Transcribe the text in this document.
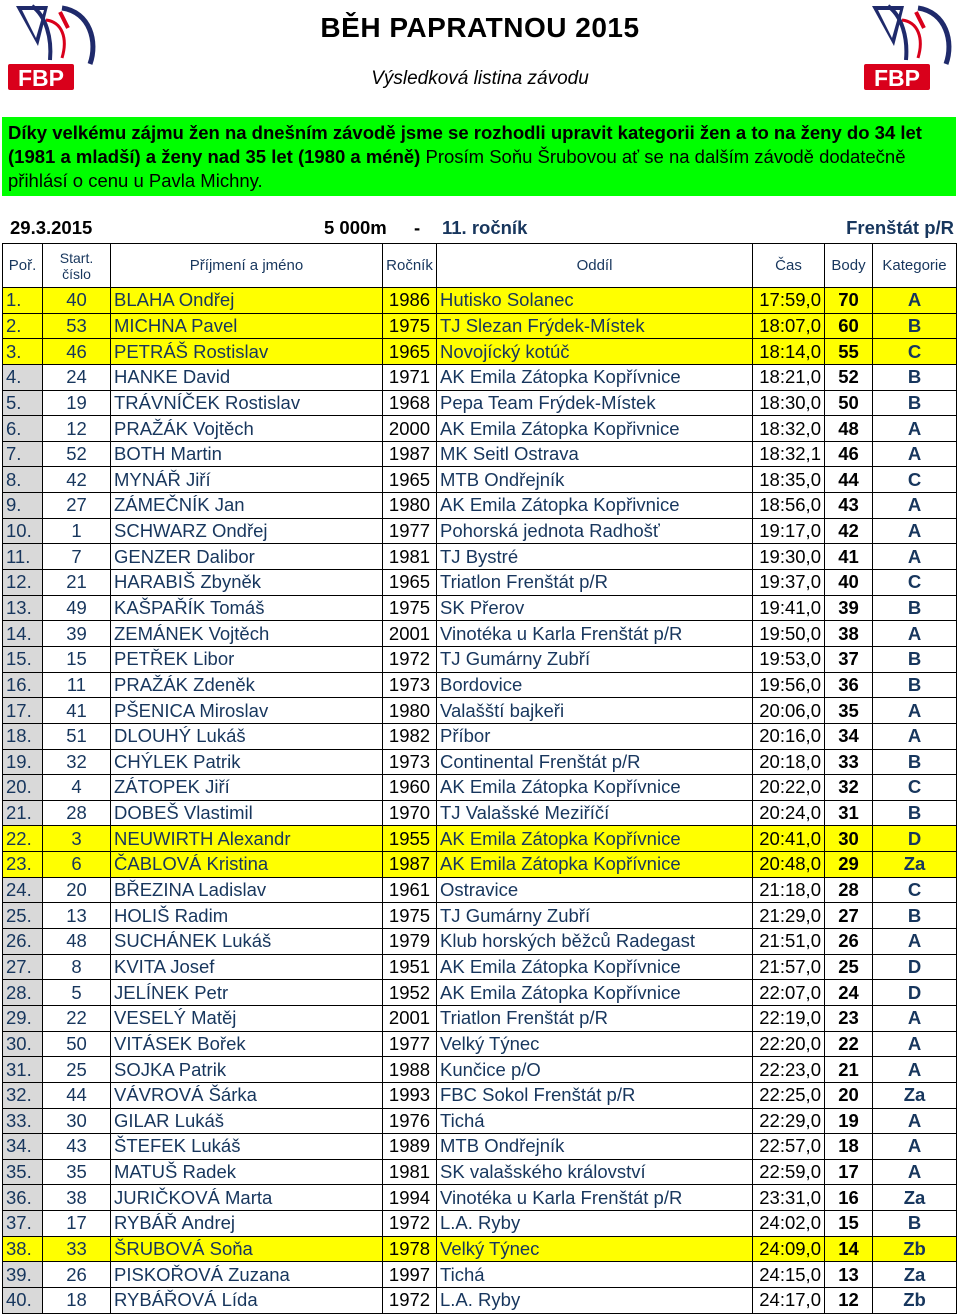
FBP	FBP
BĚH PAPRATNOU 2015
Výsledková listina závodu
Díky velkému zájmu žen na dnešním závodě jsme se rozhodli upravit kategorii žen a to na ženy do 34 let (1981 a mladší) a ženy nad 35 let (1980 a méně) Prosím Soňu Šrubovou ať se na dalším závodě dodatečně přihlásí o cenu u Pavla Michny.
29.3.2015	5 000m - 11. ročník	Frenštát p/R
Poř.	Start. číslo	Příjmení a jméno	Ročník	Oddíl	Čas	Body	Kategorie
1.	40	BLAHA Ondřej	1986	Hutisko Solanec	17:59,0	70	A
2.	53	MICHNA Pavel	1975	TJ Slezan Frýdek-Místek	18:07,0	60	B
3.	46	PETRÁŠ Rostislav	1965	Novojícký kotúč	18:14,0	55	C
4.	24	HANKE David	1971	AK Emila Zátopka Kopřívnice	18:21,0	52	B
5.	19	TRÁVNÍČEK Rostislav	1968	Pepa Team Frýdek-Místek	18:30,0	50	B
6.	12	PRAŽÁK Vojtěch	2000	AK Emila Zátopka Kopřivnice	18:32,0	48	A
7.	52	BOTH Martin	1987	MK Seitl Ostrava	18:32,1	46	A
8.	42	MYNÁŘ Jiří	1965	MTB Ondřejník	18:35,0	44	C
9.	27	ZÁMEČNÍK Jan	1980	AK Emila Zátopka Kopřivnice	18:56,0	43	A
10.	1	SCHWARZ Ondřej	1977	Pohorská jednota Radhošť	19:17,0	42	A
11.	7	GENZER Dalibor	1981	TJ Bystré	19:30,0	41	A
12.	21	HARABIŠ Zbyněk	1965	Triatlon Frenštát p/R	19:37,0	40	C
13.	49	KAŠPAŘÍK Tomáš	1975	SK Přerov	19:41,0	39	B
14.	39	ZEMÁNEK Vojtěch	2001	Vinotéka u Karla Frenštát p/R	19:50,0	38	A
15.	15	PETŘEK Libor	1972	TJ Gumárny Zubří	19:53,0	37	B
16.	11	PRAŽÁK Zdeněk	1973	Bordovice	19:56,0	36	B
17.	41	PŠENICA Miroslav	1980	Valašští bajkeři	20:06,0	35	A
18.	51	DLOUHÝ Lukáš	1982	Příbor	20:16,0	34	A
19.	32	CHÝLEK Patrik	1973	Continental Frenštát p/R	20:18,0	33	B
20.	4	ZÁTOPEK Jiří	1960	AK Emila Zátopka Kopřívnice	20:22,0	32	C
21.	28	DOBEŠ Vlastimil	1970	TJ Valašské Meziříčí	20:24,0	31	B
22.	3	NEUWIRTH Alexandr	1955	AK Emila Zátopka Kopřívnice	20:41,0	30	D
23.	6	ČABLOVÁ Kristina	1987	AK Emila Zátopka Kopřívnice	20:48,0	29	Za
24.	20	BŘEZINA Ladislav	1961	Ostravice	21:18,0	28	C
25.	13	HOLIŠ Radim	1975	TJ Gumárny Zubří	21:29,0	27	B
26.	48	SUCHÁNEK Lukáš	1979	Klub horských běžců Radegast	21:51,0	26	A
27.	8	KVITA Josef	1951	AK Emila Zátopka Kopřívnice	21:57,0	25	D
28.	5	JELÍNEK Petr	1952	AK Emila Zátopka Kopřívnice	22:07,0	24	D
29.	22	VESELÝ Matěj	2001	Triatlon Frenštát p/R	22:19,0	23	A
30.	50	VITÁSEK Bořek	1977	Velký Týnec	22:20,0	22	A
31.	25	SOJKA Patrik	1988	Kunčice p/O	22:23,0	21	A
32.	44	VÁVROVÁ Šárka	1993	FBC Sokol Frenštát p/R	22:25,0	20	Za
33.	30	GILAR Lukáš	1976	Tichá	22:29,0	19	A
34.	43	ŠTEFEK Lukáš	1989	MTB Ondřejník	22:57,0	18	A
35.	35	MATUŠ Radek	1981	SK valašského království	22:59,0	17	A
36.	38	JURIČKOVÁ Marta	1994	Vinotéka u Karla Frenštát p/R	23:31,0	16	Za
37.	17	RYBÁŘ Andrej	1972	L.A. Ryby	24:02,0	15	B
38.	33	ŠRUBOVÁ Soňa	1978	Velký Týnec	24:09,0	14	Zb
39.	26	PISKOŘOVÁ Zuzana	1997	Tichá	24:15,0	13	Za
40.	18	RYBÁŘOVÁ Lída	1972	L.A. Ryby	24:17,0	12	Zb
